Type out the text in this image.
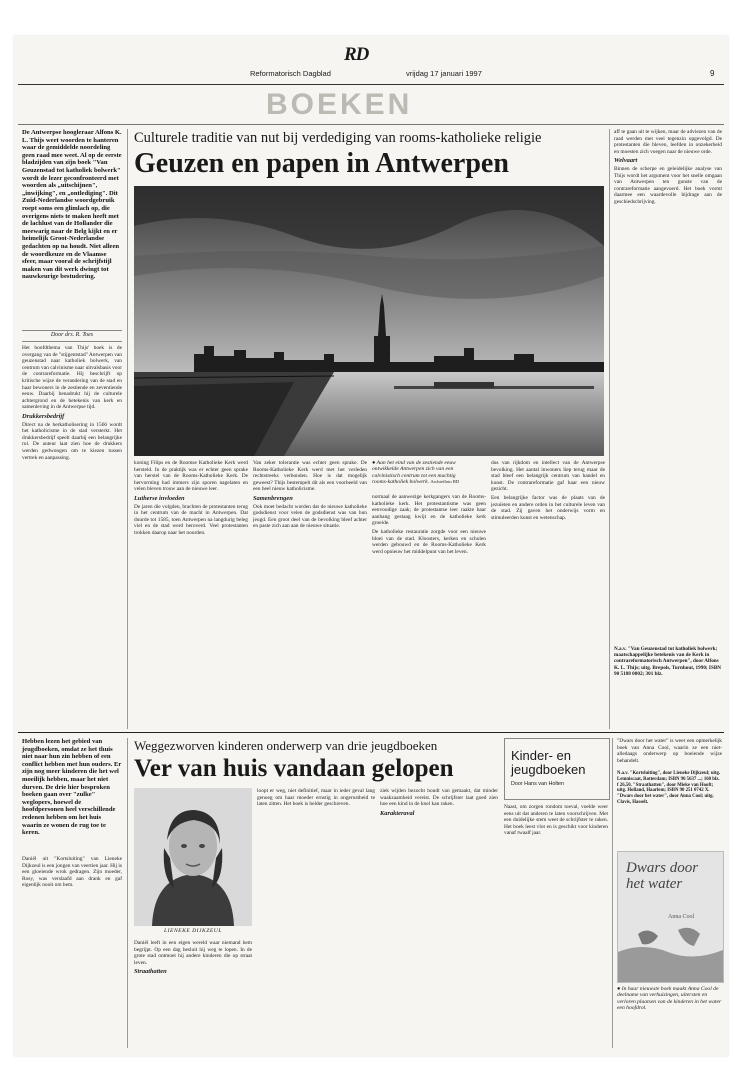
RD
Reformatorisch Dagblad	vrijdag 17 januari 1997	9
BOEKEN
De Antwerpse hoogleraar Alfons K. L. Thijs weet woorden te hanteren waar de gemiddelde noordeling geen raad mee weet. Al op de eerste bladzijden van zijn boek "Van Geuzenstad tot katholiek bolwerk" wordt de lezer geconfronteerd met woorden als „uitschijnen", „inwijking", en „ontlediging". Dit Zuid-Nederlandse woordgebruik roept soms een glimlach op, die overigens niets te maken heeft met de lachlust van de Hollander die meewarig naar de Belg kijkt en er heimelijk Groot-Nederlandse gedachten op na houdt. Niet alleen de woordkeuze en de Vlaamse sfeer, maar vooral de schrijfstijl maken van dit werk dwingt tot nauwkeurige bestudering.
Door drs. R. Toes

Het hoofdthema van Thijs' boek is de overgang van de "stijgentstad" Antwerpen van geuzenstad naar katholiek bolwerk, van centrum van calvinisme naar uitvalsbasis voor de contrareformatie. Hij beschrijft op kritische wijze de verandering van de stad en haar bewoners in de zestiende en zeventiende eeuw. Daarbij benadrukt hij de culturele achtergrond en de betekenis van kerk en samenleving in de Antwerpse tijd.

Drukkersbedrijf

Direct na de herkatholisering in 1566 wordt het katholicisme in de stad versterkt. Het drukkersbedrijf speelt daarbij een belangrijke rol. De auteur laat zien hoe de drukkers werden gedwongen om te kiezen tussen vertrek en aanpassing.

Culturele traditie van nut bij verdediging van rooms-katholieke religie
Geuzen en papen in Antwerpen
● Aan het eind van de zestiende eeuw ontwikkelde Antwerpen zich van een calvinistisch centrum tot een machtig rooms-katholiek bolwerk. Archieffoto RD

koning Filips en de Roomse Katholieke Kerk werd hersteld. In de praktijk was er echter geen sprake van herstel van de Rooms-Katholieke Kerk. De hervorming had immers zijn sporen nagelaten en velen bleven trouw aan de nieuwe leer.

Lutherse invloeden

De jaren die volgden, brachten de protestanten terug in het centrum van de macht in Antwerpen. Dat duurde tot 1585, toen Antwerpen na langdurig beleg viel en de stad werd heroverd. Veel protestanten trokken daarop naar het noorden.

Van zeker tolerantie was echter geen sprake. De Rooms-Katholieke Kerk werd met het verleden rechtstreeks verbonden. Hoe is dat mogelijk geweest? Thijs bestempelt dit als een voorbeeld van een heel nieuw katholicisme.

Samenbrengen

Ook moet bedacht worden dat de nieuwe katholieke godsdienst voor velen de godsdienst was van hun jeugd. Een groot deel van de bevolking bleef achter en paste zich aan aan de nieuwe situatie.

normaal de aanwezige kerkgangers van de Rooms-katholieke kerk. Het protestantisme was geen eenvoudige zaak; de protestantse leer raakte haar aanhang gestaag kwijt en de katholieke kerk groeide.

De katholieke restauratie zorgde voor een nieuwe bloei van de stad. Kloosters, kerken en scholen werden gebouwd en de Rooms-Katholieke Kerk werd opnieuw het middelpunt van het leven.

dus van rijkdom en intellect van de Antwerpse bevolking. Het aantal inwoners liep terug maar de stad bleef een belangrijk centrum van handel en kunst. De contrareformatie gaf haar een nieuw gezicht.

Een belangrijke factor was de plaats van de jezuïeten en andere orden in het culturele leven van de stad. Zij gaven het onderwijs vorm en stimuleerden kunst en wetenschap.

aff te gaan uit te wijken, maar de adviezen van de raad werden met veel tegenzin opgevolgd. De protestanten die bleven, leefden in onzekerheid en moesten zich voegen naar de nieuwe orde.

Welvaart

Binnen de scherpe en geleidelijke analyse van Thijs wordt het argument voor het snelle omgaan van Antwerpen ten gunste van de contrareformatie aangevoerd. Het boek vormt daarmee een waardevolle bijdrage aan de geschiedschrijving.

N.a.v. "Van Geuzenstad tot katholiek bolwerk; maatschappelijke betekenis van de Kerk in contrareformatorisch Antwerpen", door Alfons K. L. Thijs; uitg. Brepols, Turnhout, 1990; ISBN 90 5188 0002; 301 blz.
Hebben lezen het gebied van jeugdboeken, omdat ze het thuis niet naar hun zin hebben of een conflict hebben met hun ouders. Er zijn nog meer kinderen die het wel moeilijk hebben, maar het niet durven. De drie hier besproken boeken gaan over "zulke" weglopers, hoewel de hoofdpersonen heel verschillende redenen hebben om het huis waarin ze wonen de rug toe te keren.

Daniël uit "Kortsluiting" van Lieneke Dijkzeul is een jongen van veertien jaar. Hij is een gloeiende wrok gedragen. Zijn moeder, Rosy, was verslaafd aan drank en gaf eigenlijk nooit om hem.

Weggezworven kinderen onderwerp van drie jeugdboeken
Ver van huis vandaan gelopen
LIENEKE DIJKZEUL

Daniël leeft in een eigen wereld waar niemand hem begrijpt. Op een dag besluit hij weg te lopen. In de grote stad ontmoet hij andere kinderen die op straat leven.

Straathatten

loopt er weg, niet definitief, maar in ieder geval lang genoeg om haar moeder ernstig in ongerustheid te laten zitten. Het boek is helder geschreven.

ziek wijden bezocht houdt van gemaakt, dat minder waakzaamheid vereist. De schrijfster laat goed zien hoe een kind in de knel kan raken.

Karakteraval
Kinder- en jeugdboeken
Door Hans van Holten

Naast, om zorgen rondom toeval, voelde weer eens uit dat anderen te laten voorschrijven. Met een duidelijke stem weet de schrijfster te raken. Het boek leest vlot en is geschikt voor kinderen vanaf twaalf jaar.

"Dwars door het water" is weer een opmerkelijk boek van Anna Cool, waarin ze een niet-alledaags onderwerp op boeiende wijze behandelt.

N.a.v. "Kortsluiting", door Lieneke Dijkzeul; uitg. Lemniscaat, Rotterdam; ISBN 90 5637 ...; 160 blz. f 26,50. "Straathatten", door Mieke van Hooft; uitg. Holland, Haarlem; ISBN 90 251 0742 X. "Dwars door het water", door Anna Cool; uitg. Clavis, Hasselt.
Dwars door het water
Anna Cool
● In haar nieuwste boek maakt Anna Cool de deelname van verhuizingen, uitersten en verloren plaatsen van de kinderen in het water een hoofdrol.
